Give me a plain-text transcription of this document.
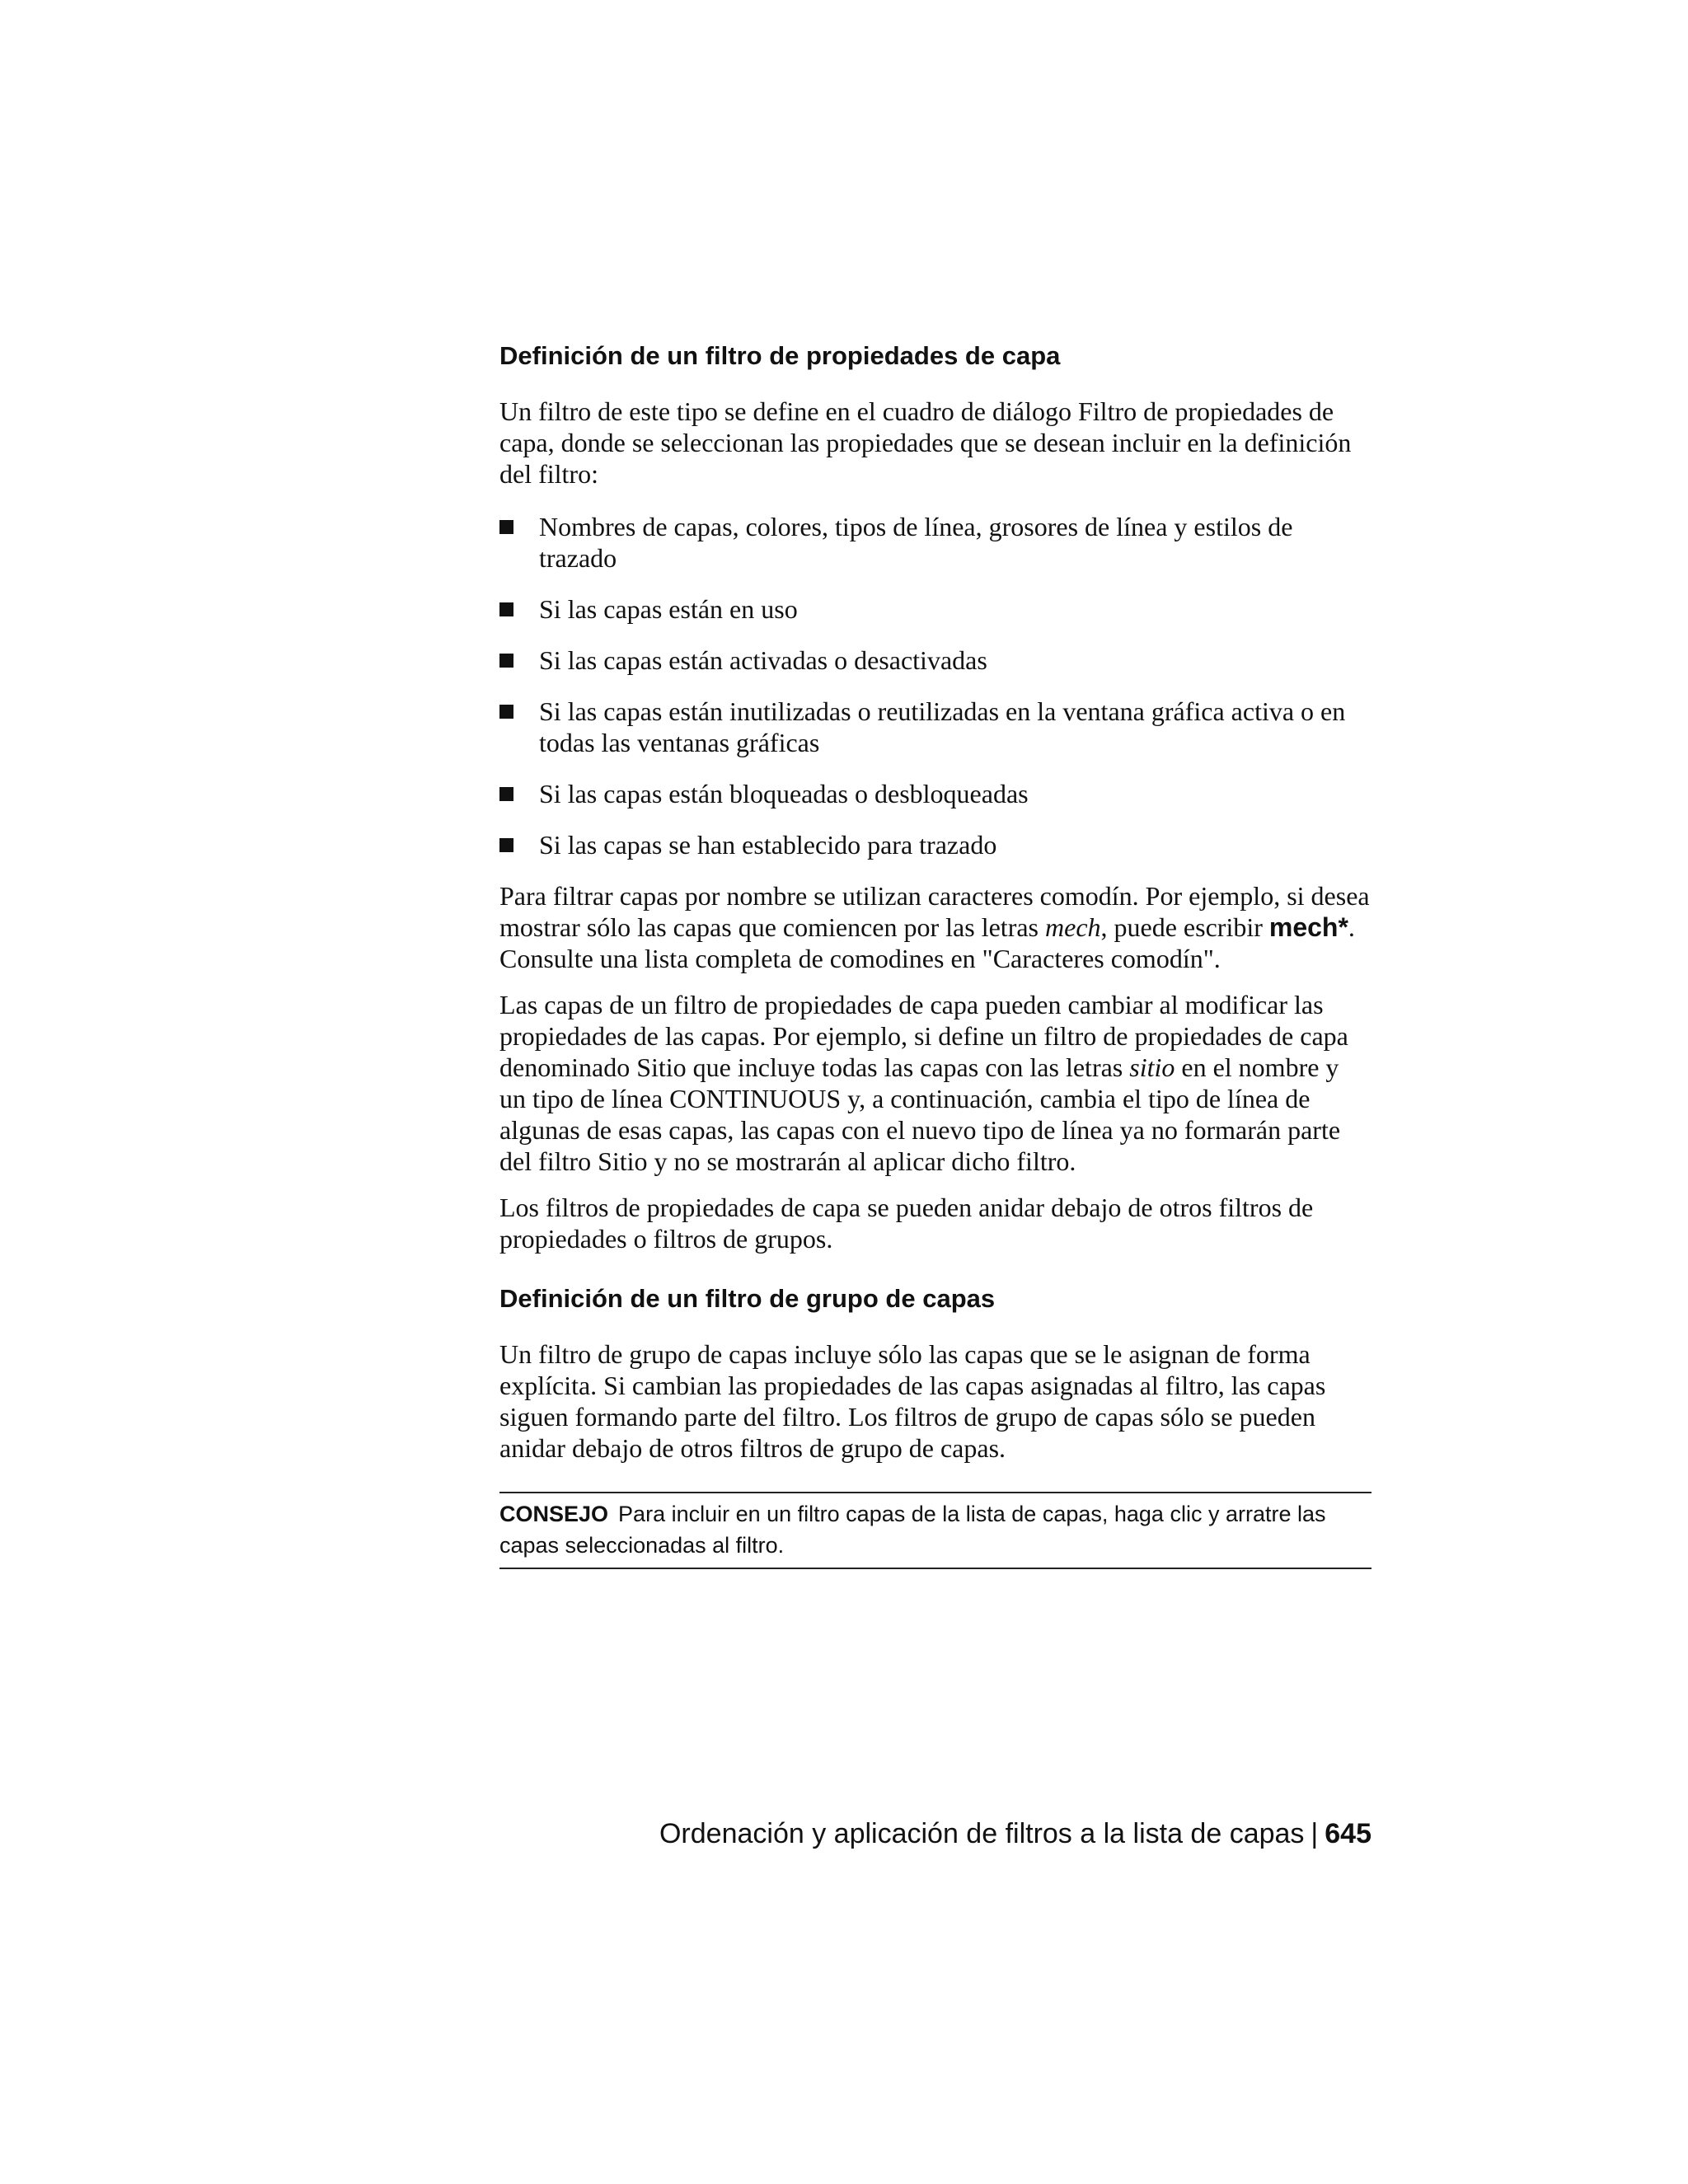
Definición de un filtro de propiedades de capa

Un filtro de este tipo se define en el cuadro de diálogo Filtro de propiedades de capa, donde se seleccionan las propiedades que se desean incluir en la definición del filtro:

Nombres de capas, colores, tipos de línea, grosores de línea y estilos de trazado
Si las capas están en uso
Si las capas están activadas o desactivadas
Si las capas están inutilizadas o reutilizadas en la ventana gráfica activa o en todas las ventanas gráficas
Si las capas están bloqueadas o desbloqueadas
Si las capas se han establecido para trazado

Para filtrar capas por nombre se utilizan caracteres comodín. Por ejemplo, si desea mostrar sólo las capas que comiencen por las letras mech, puede escribir mech*. Consulte una lista completa de comodines en "Caracteres comodín".

Las capas de un filtro de propiedades de capa pueden cambiar al modificar las propiedades de las capas. Por ejemplo, si define un filtro de propiedades de capa denominado Sitio que incluye todas las capas con las letras sitio en el nombre y un tipo de línea CONTINUOUS y, a continuación, cambia el tipo de línea de algunas de esas capas, las capas con el nuevo tipo de línea ya no formarán parte del filtro Sitio y no se mostrarán al aplicar dicho filtro.

Los filtros de propiedades de capa se pueden anidar debajo de otros filtros de propiedades o filtros de grupos.

Definición de un filtro de grupo de capas

Un filtro de grupo de capas incluye sólo las capas que se le asignan de forma explícita. Si cambian las propiedades de las capas asignadas al filtro, las capas siguen formando parte del filtro. Los filtros de grupo de capas sólo se pueden anidar debajo de otros filtros de grupo de capas.

CONSEJO Para incluir en un filtro capas de la lista de capas, haga clic y arratre las capas seleccionadas al filtro.
Ordenación y aplicación de filtros a la lista de capas | 645
